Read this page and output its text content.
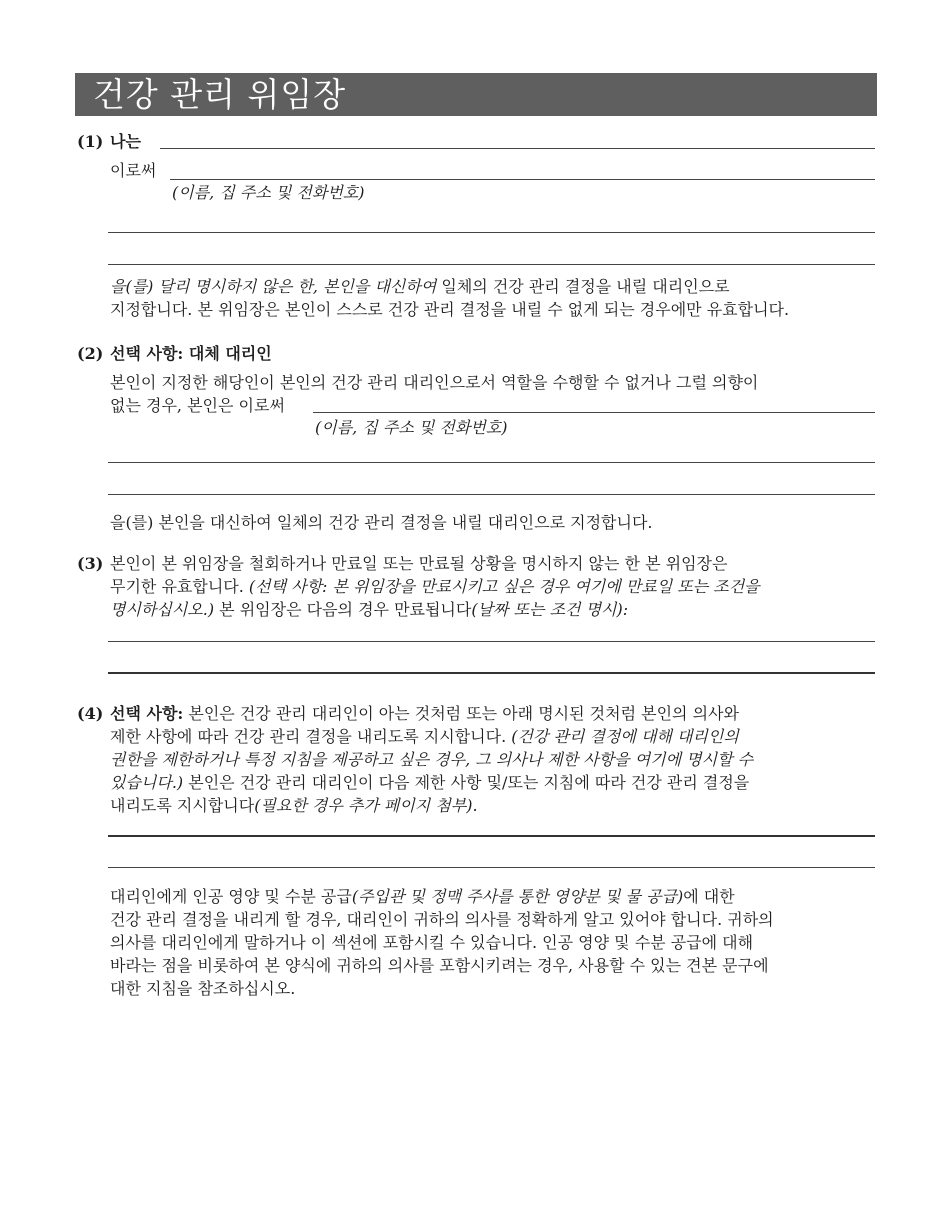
건강 관리 위임장
(1) 나는
이로써
(이름, 집 주소 및 전화번호)
을(를) 달리 명시하지 않은 한, 본인을 대신하여 일체의 건강 관리 결정을 내릴 대리인으로
지정합니다. 본 위임장은 본인이 스스로 건강 관리 결정을 내릴 수 없게 되는 경우에만 유효합니다.
(2) 선택 사항: 대체 대리인
본인이 지정한 해당인이 본인의 건강 관리 대리인으로서 역할을 수행할 수 없거나 그럴 의향이
없는 경우, 본인은 이로써
(이름, 집 주소 및 전화번호)
을(를) 본인을 대신하여 일체의 건강 관리 결정을 내릴 대리인으로 지정합니다.
(3) 본인이 본 위임장을 철회하거나 만료일 또는 만료될 상황을 명시하지 않는 한 본 위임장은
무기한 유효합니다. (선택 사항: 본 위임장을 만료시키고 싶은 경우 여기에 만료일 또는 조건을
명시하십시오.) 본 위임장은 다음의 경우 만료됩니다(날짜 또는 조건 명시):
(4) 선택 사항: 본인은 건강 관리 대리인이 아는 것처럼 또는 아래 명시된 것처럼 본인의 의사와
제한 사항에 따라 건강 관리 결정을 내리도록 지시합니다. (건강 관리 결정에 대해 대리인의
권한을 제한하거나 특정 지침을 제공하고 싶은 경우, 그 의사나 제한 사항을 여기에 명시할 수
있습니다.) 본인은 건강 관리 대리인이 다음 제한 사항 및/또는 지침에 따라 건강 관리 결정을
내리도록 지시합니다(필요한 경우 추가 페이지 첨부).
대리인에게 인공 영양 및 수분 공급(주입관 및 정맥 주사를 통한 영양분 및 물 공급)에 대한
건강 관리 결정을 내리게 할 경우, 대리인이 귀하의 의사를 정확하게 알고 있어야 합니다. 귀하의
의사를 대리인에게 말하거나 이 섹션에 포함시킬 수 있습니다. 인공 영양 및 수분 공급에 대해
바라는 점을 비롯하여 본 양식에 귀하의 의사를 포함시키려는 경우, 사용할 수 있는 견본 문구에
대한 지침을 참조하십시오.
